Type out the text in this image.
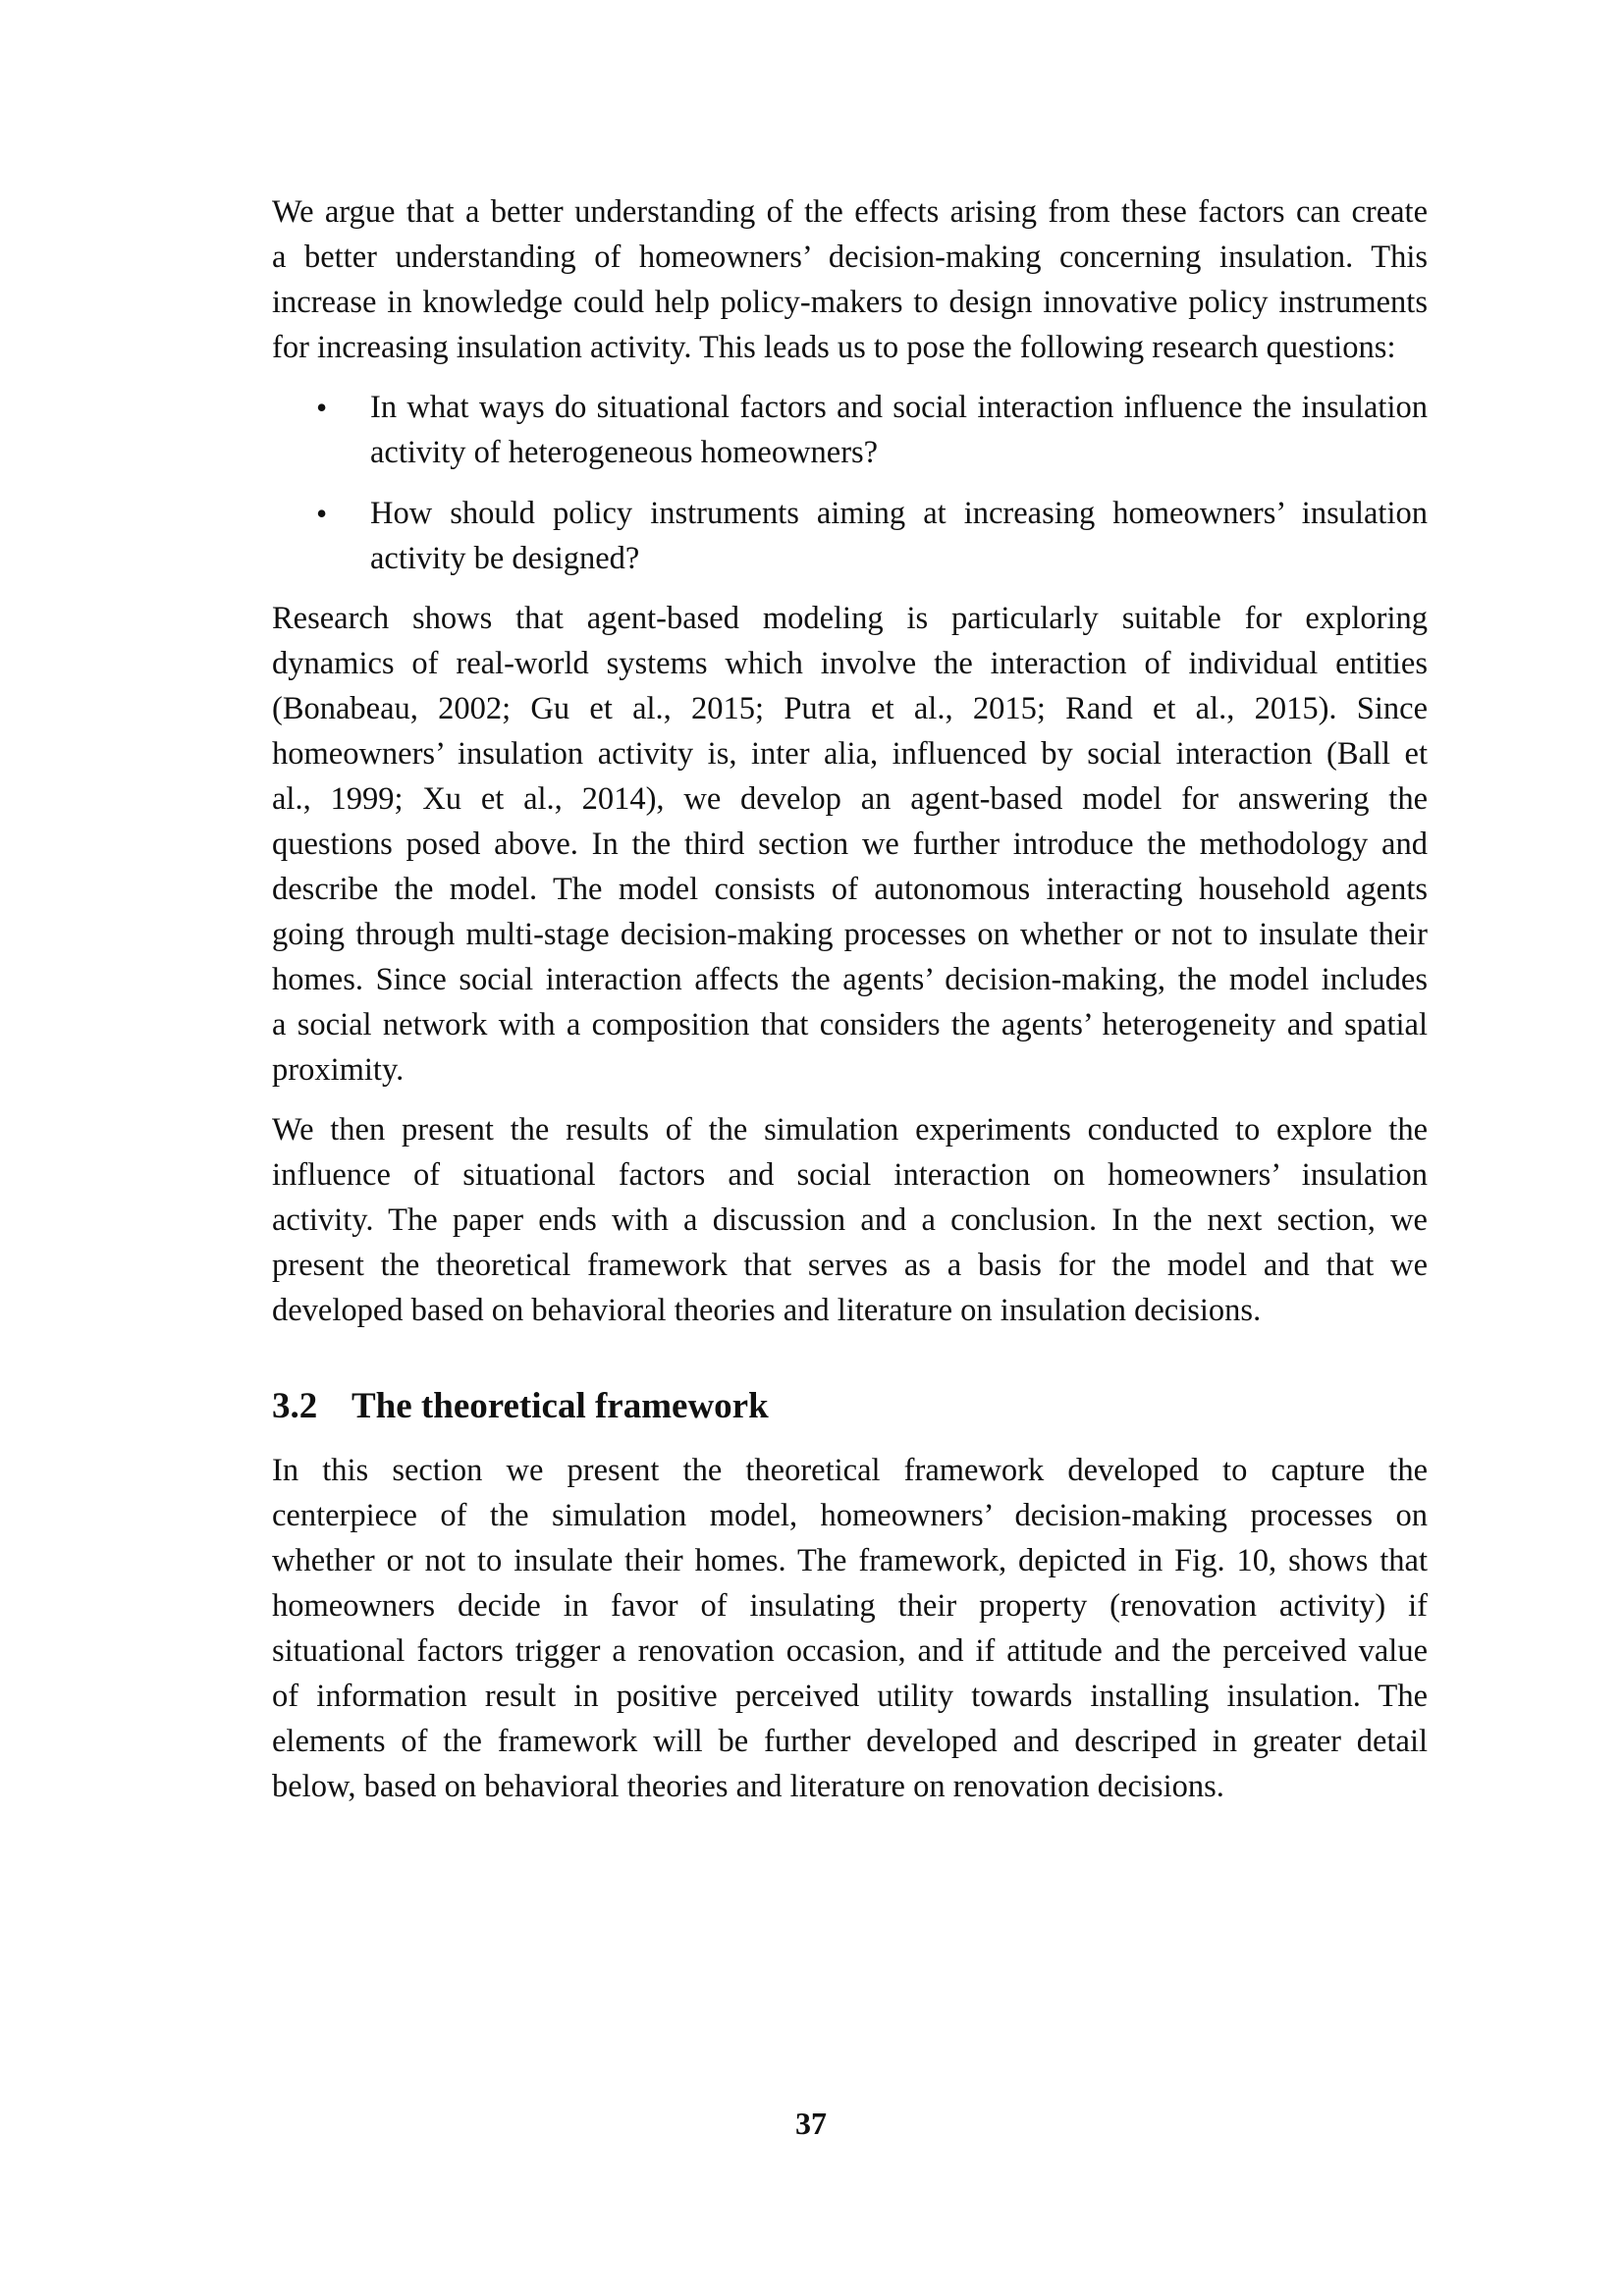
We argue that a better understanding of the effects arising from these factors can create
a better understanding of homeowners’ decision-making concerning insulation. This
increase in knowledge could help policy-makers to design innovative policy instruments
for increasing insulation activity. This leads us to pose the following research questions:
•	In what ways do situational factors and social interaction influence the insulation
activity of heterogeneous homeowners?
•	How should policy instruments aiming at increasing homeowners’ insulation
activity be designed?
Research shows that agent-based modeling is particularly suitable for exploring
dynamics of real-world systems which involve the interaction of individual entities
(Bonabeau, 2002; Gu et al., 2015; Putra et al., 2015; Rand et al., 2015). Since
homeowners’ insulation activity is, inter alia, influenced by social interaction (Ball et
al., 1999; Xu et al., 2014), we develop an agent-based model for answering the
questions posed above. In the third section we further introduce the methodology and
describe the model. The model consists of autonomous interacting household agents
going through multi-stage decision-making processes on whether or not to insulate their
homes. Since social interaction affects the agents’ decision-making, the model includes
a social network with a composition that considers the agents’ heterogeneity and spatial
proximity.
We then present the results of the simulation experiments conducted to explore the
influence of situational factors and social interaction on homeowners’ insulation
activity. The paper ends with a discussion and a conclusion. In the next section, we
present the theoretical framework that serves as a basis for the model and that we
developed based on behavioral theories and literature on insulation decisions.
3.2 The theoretical framework
In this section we present the theoretical framework developed to capture the
centerpiece of the simulation model, homeowners’ decision-making processes on
whether or not to insulate their homes. The framework, depicted in Fig. 10, shows that
homeowners decide in favor of insulating their property (renovation activity) if
situational factors trigger a renovation occasion, and if attitude and the perceived value
of information result in positive perceived utility towards installing insulation. The
elements of the framework will be further developed and descriped in greater detail
below, based on behavioral theories and literature on renovation decisions.
37
